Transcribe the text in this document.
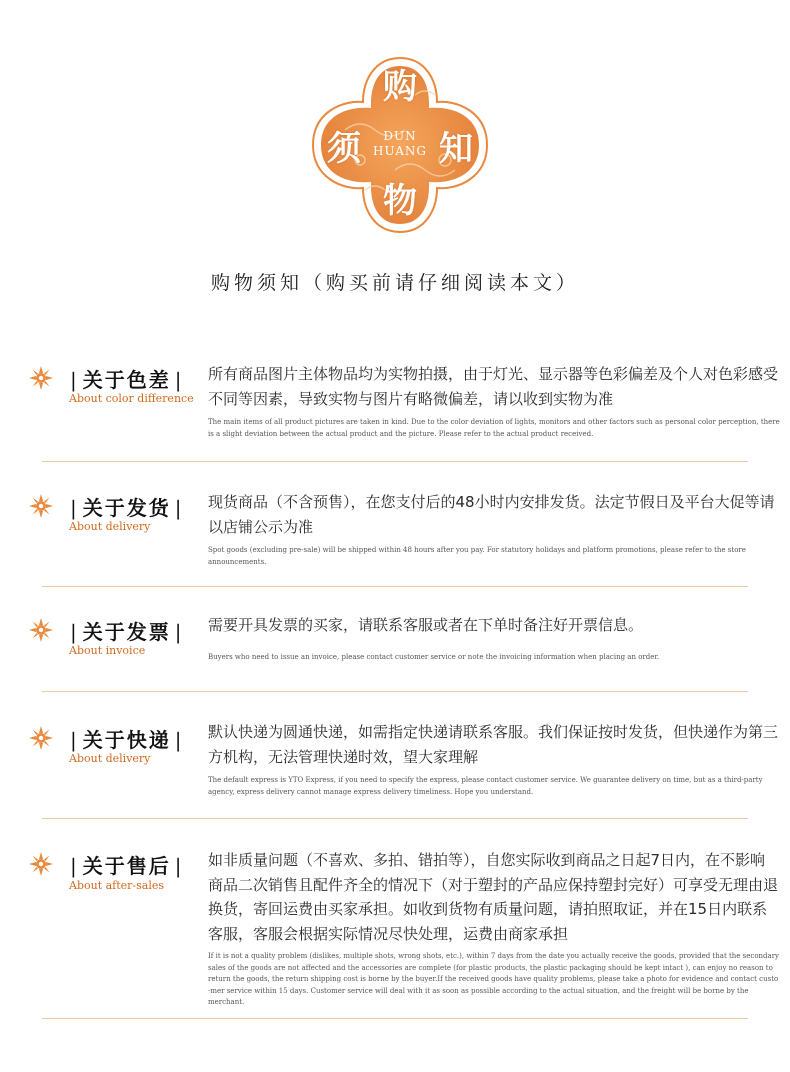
购
须 知
物
DUN
HUANG
购物须知（购买前请仔细阅读本文）
| 关于色差 |
About color difference
所有商品图片主体物品均为实物拍摄，由于灯光、显示器等色彩偏差及个人对色彩感受不同等因素，导致实物与图片有略微偏差，请以收到实物为准
The main items of all product pictures are taken in kind. Due to the color deviation of lights, monitors and other factors such as personal color perception, there is a slight deviation between the actual product and the picture. Please refer to the actual product received.
| 关于发货 |
About delivery
现货商品（不含预售），在您支付后的48小时内安排发货。法定节假日及平台大促等请以店铺公示为准
Spot goods (excluding pre-sale) will be shipped within 48 hours after you pay. For statutory holidays and platform promotions, please refer to the store announcements.
| 关于发票 |
About invoice
需要开具发票的买家，请联系客服或者在下单时备注好开票信息。
Buyers who need to issue an invoice, please contact customer service or note the invoicing information when placing an order.
| 关于快递 |
About delivery
默认快递为圆通快递，如需指定快递请联系客服。我们保证按时发货，但快递作为第三方机构，无法管理快递时效，望大家理解
The default express is YTO Express, if you need to specify the express, please contact customer service. We guarantee delivery on time, but as a third-party agency, express delivery cannot manage express delivery timeliness. Hope you understand.
| 关于售后 |
About after-sales
如非质量问题（不喜欢、多拍、错拍等），自您实际收到商品之日起7日内，在不影响商品二次销售且配件齐全的情况下（对于塑封的产品应保持塑封完好）可享受无理由退换货，寄回运费由买家承担。如收到货物有质量问题，请拍照取证，并在15日内联系客服，客服会根据实际情况尽快处理，运费由商家承担
If it is not a quality problem (dislikes, multiple shots, wrong shots, etc.), within 7 days from the date you actually receive the goods, provided that the secondary sales of the goods are not affected and the accessories are complete (for plastic products, the plastic packaging should be kept intact ), can enjoy no reason to return the goods, the return shipping cost is borne by the buyer.If the received goods have quality problems, please take a photo for evidence and contact custo -mer service within 15 days. Customer service will deal with it as soon as possible according to the actual situation, and the freight will be borne by the merchant.
